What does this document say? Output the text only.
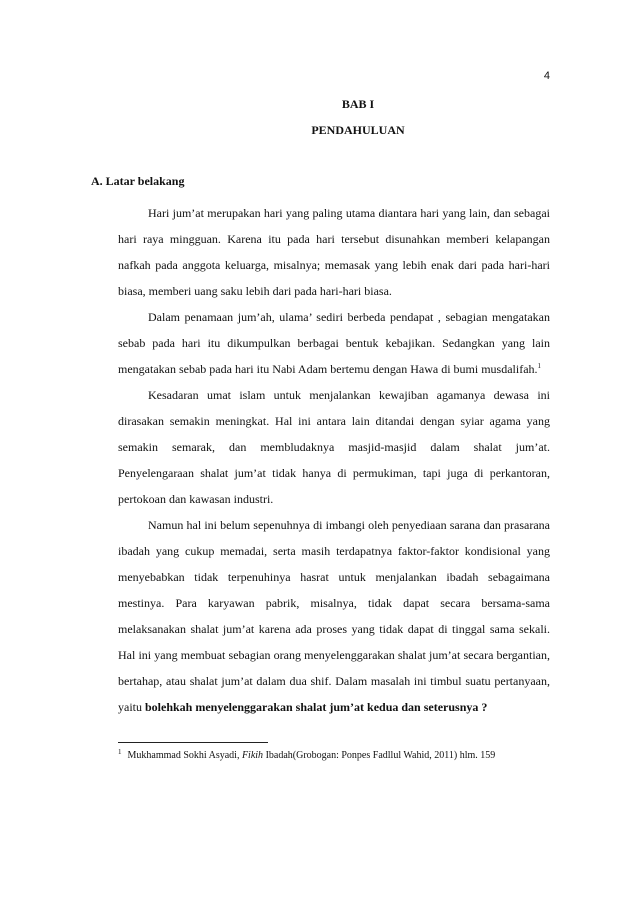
4
BAB I
PENDAHULUAN
A. Latar belakang

Hari jum’at merupakan hari yang paling utama diantara hari yang lain, dan sebagai hari raya mingguan. Karena itu pada hari tersebut disunahkan memberi kelapangan nafkah pada anggota keluarga, misalnya; memasak yang lebih enak dari pada hari-hari biasa, memberi uang saku lebih dari pada hari-hari biasa.

Dalam penamaan jum’ah, ulama’ sediri berbeda pendapat , sebagian mengatakan sebab pada hari itu dikumpulkan berbagai bentuk kebajikan. Sedangkan yang lain mengatakan sebab pada hari itu Nabi Adam bertemu dengan Hawa di bumi musdalifah.$^1$

Kesadaran umat islam untuk menjalankan kewajiban agamanya dewasa ini dirasakan semakin meningkat. Hal ini antara lain ditandai dengan syiar agama yang semakin semarak, dan membludaknya masjid-masjid dalam shalat jum’at. Penyelengaraan shalat jum’at tidak hanya di permukiman, tapi juga di perkantoran, pertokoan dan kawasan industri.

Namun hal ini belum sepenuhnya di imbangi oleh penyediaan sarana dan prasarana ibadah yang cukup memadai, serta masih terdapatnya faktor-faktor kondisional yang menyebabkan tidak terpenuhinya hasrat untuk menjalankan ibadah sebagaimana mestinya. Para karyawan pabrik, misalnya, tidak dapat secara bersama-sama melaksanakan shalat jum’at karena ada proses yang tidak dapat di tinggal sama sekali. Hal ini yang membuat sebagian orang menyelenggarakan shalat jum’at secara bergantian, bertahap, atau shalat jum’at dalam dua shif. Dalam masalah ini timbul suatu pertanyaan, yaitu bolehkah menyelenggarakan shalat jum’at kedua dan seterusnya ?

$^1$ Mukhammad Sokhi Asyadi, Fikih Ibadah(Grobogan: Ponpes Fadllul Wahid, 2011) hlm. 159
